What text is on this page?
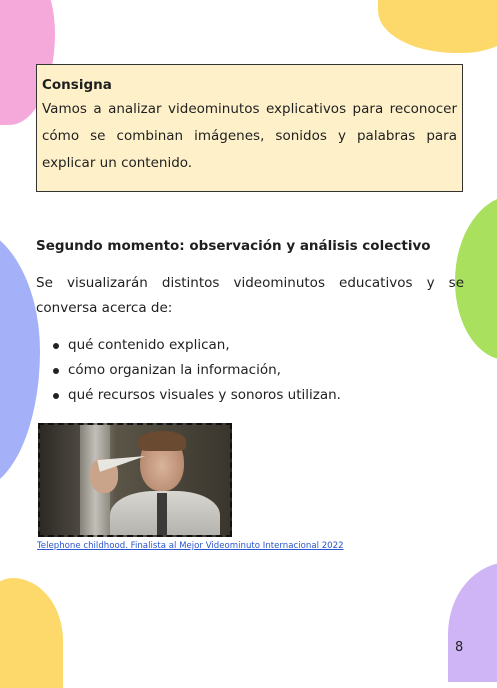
Consigna

Vamos a analizar videominutos explicativos para reconocer cómo se combinan imágenes, sonidos y palabras para explicar un contenido.

Segundo momento: observación y análisis colectivo

Se visualizarán distintos videominutos educativos y se conversa acerca de:

qué contenido explican,
cómo organizan la información,
qué recursos visuales y sonoros utilizan.
Telephone childhood. Finalista al Mejor Videominuto Internacional 2022
8
